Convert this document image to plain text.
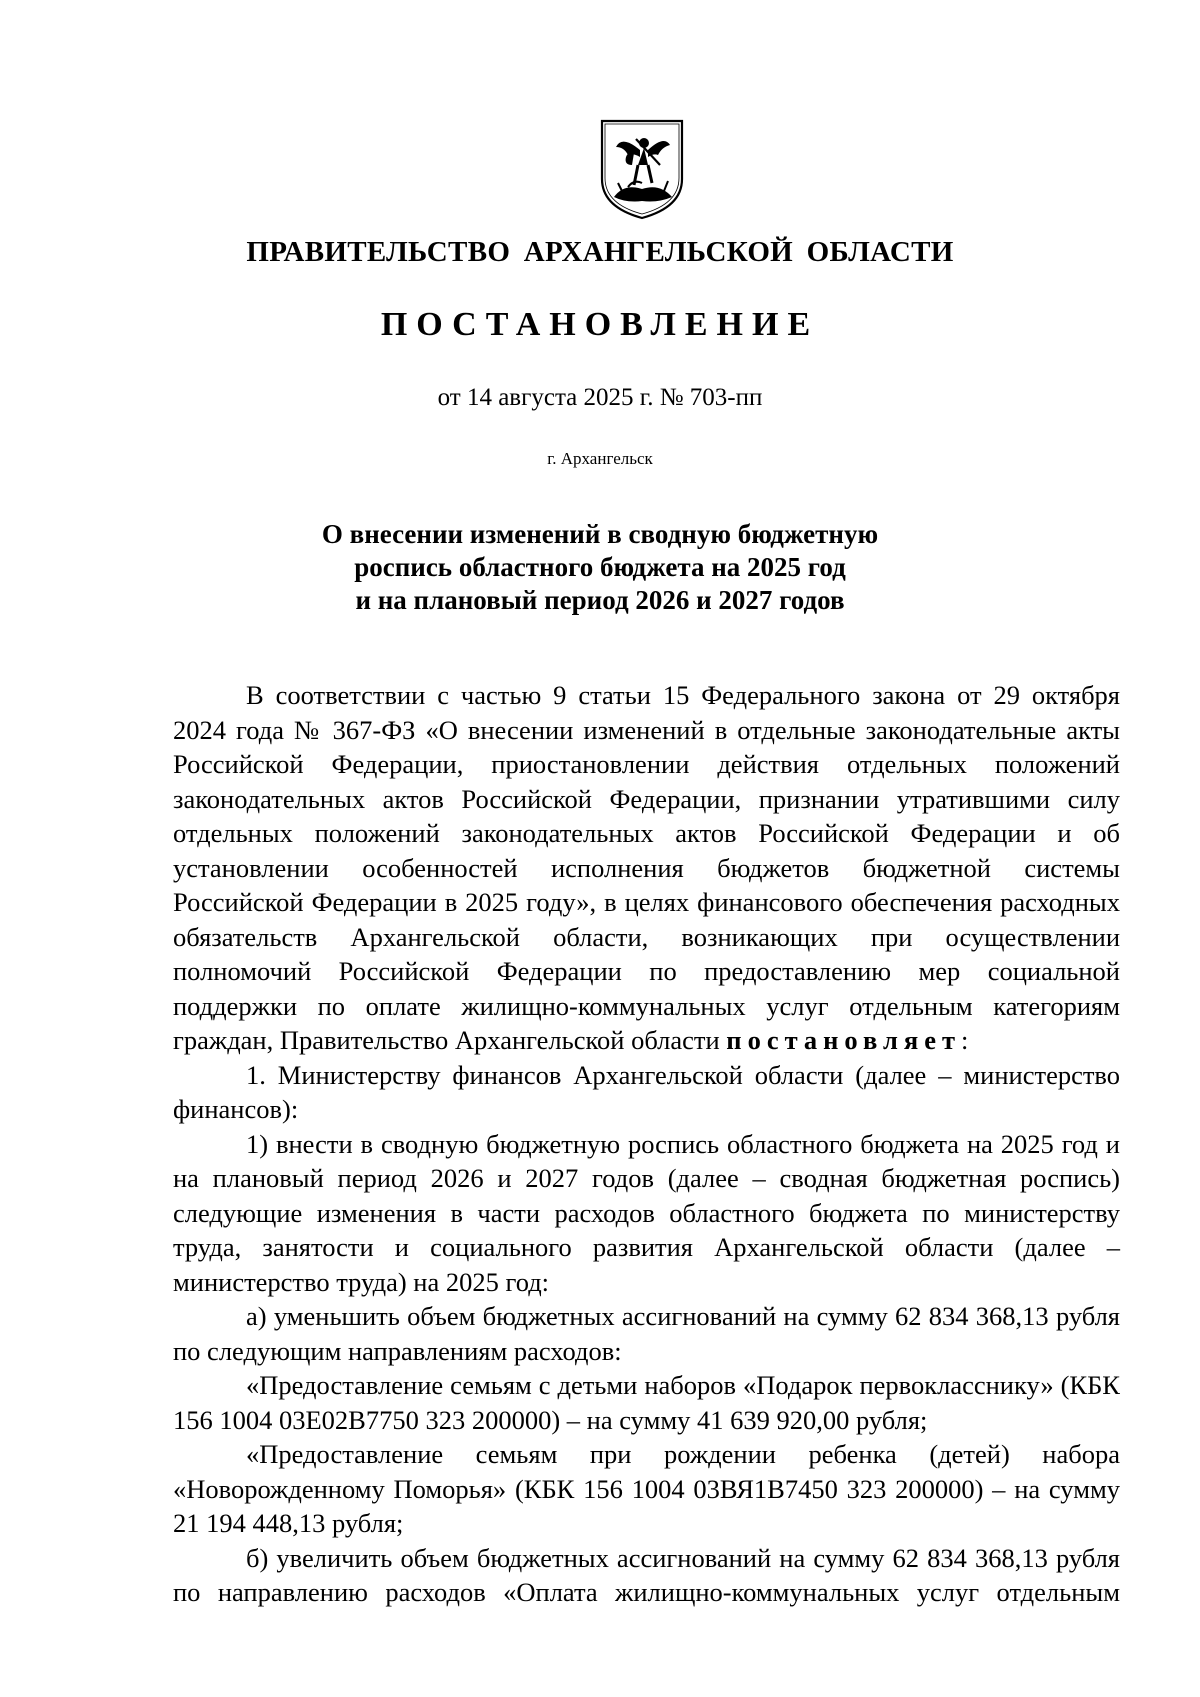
ПРАВИТЕЛЬСТВО АРХАНГЕЛЬСКОЙ ОБЛАСТИ
ПОСТАНОВЛЕНИЕ
от 14 августа 2025 г. № 703-пп
г. Архангельск
О внесении изменений в сводную бюджетную
роспись областного бюджета на 2025 год
и на плановый период 2026 и 2027 годов

В соответствии с частью 9 статьи 15 Федерального закона от 29 октября 2024 года № 367-ФЗ «О внесении изменений в отдельные законодательные акты Российской Федерации, приостановлении действия отдельных положений законодательных актов Российской Федерации, признании утратившими силу отдельных положений законодательных актов Российской Федерации и об установлении особенностей исполнения бюджетов бюджетной системы Российской Федерации в 2025 году», в целях финансового обеспечения расходных обязательств Архангельской области, возникающих при осуществлении полномочий Российской Федерации по предоставлению мер социальной поддержки по оплате жилищно-коммунальных услуг отдельным категориям граждан, Правительство Архангельской области постановляет:

1. Министерству финансов Архангельской области (далее – министерство финансов):

1) внести в сводную бюджетную роспись областного бюджета на 2025 год и на плановый период 2026 и 2027 годов (далее – сводная бюджетная роспись) следующие изменения в части расходов областного бюджета по министерству труда, занятости и социального развития Архангельской области (далее – министерство труда) на 2025 год:

а) уменьшить объем бюджетных ассигнований на сумму 62 834 368,13 рубля по следующим направлениям расходов:

«Предоставление семьям с детьми наборов «Подарок первокласснику» (КБК 156 1004 03Е02В7750 323 200000) – на сумму 41 639 920,00 рубля;

«Предоставление семьям при рождении ребенка (детей) набора «Новорожденному Поморья» (КБК 156 1004 03ВЯ1В7450 323 200000) – на сумму 21 194 448,13 рубля;

б) увеличить объем бюджетных ассигнований на сумму 62 834 368,13 рубля по направлению расходов «Оплата жилищно-коммунальных услуг отдельным
